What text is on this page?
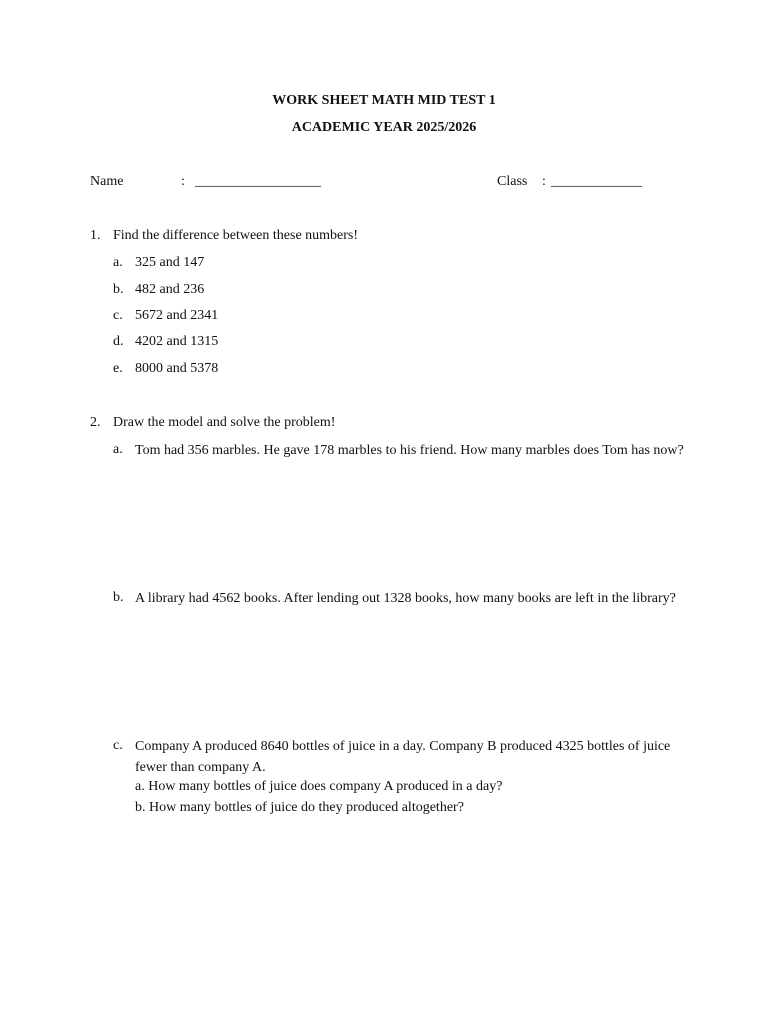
WORK SHEET MATH MID TEST 1
ACADEMIC YEAR 2025/2026
Name	: __________________	Class : _____________
1. Find the difference between these numbers!
a. 325 and 147
b. 482 and 236
c. 5672 and 2341
d. 4202 and 1315
e. 8000 and 5378
2. Draw the model and solve the problem!
a. Tom had 356 marbles. He gave 178 marbles to his friend. How many marbles does Tom has now?
b. A library had 4562 books. After lending out 1328 books, how many books are left in the library?
c. Company A produced 8640 bottles of juice in a day. Company B produced 4325 bottles of juice fewer than company A.
a. How many bottles of juice does company A produced in a day?
b. How many bottles of juice do they produced altogether?
